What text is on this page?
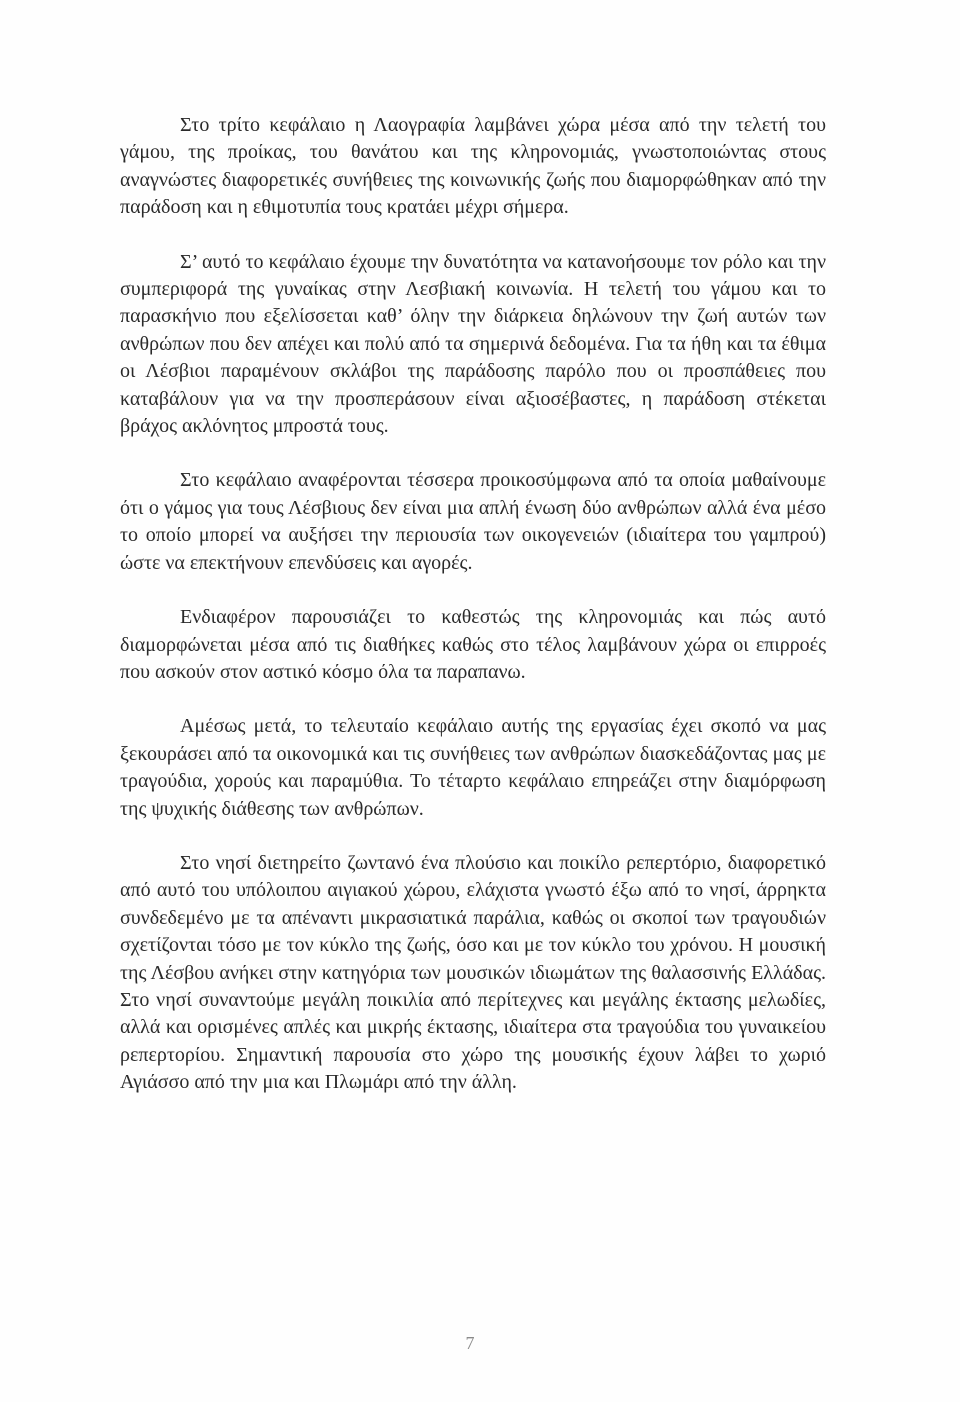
Στο τρίτο κεφάλαιο η Λαογραφία λαμβάνει χώρα μέσα από την τελετή του γάμου, της προίκας, του θανάτου και της κληρονομιάς, γνωστοποιώντας στους αναγνώστες διαφορετικές συνήθειες της κοινωνικής ζωής που διαμορφώθηκαν από την παράδοση και η εθιμοτυπία τους κρατάει μέχρι σήμερα.

Σ’ αυτό το κεφάλαιο έχουμε την δυνατότητα να κατανοήσουμε τον ρόλο και την συμπεριφορά της γυναίκας στην Λεσβιακή κοινωνία. Η τελετή του γάμου και το παρασκήνιο που εξελίσσεται καθ’ όλην την διάρκεια δηλώνουν την ζωή αυτών των ανθρώπων που δεν απέχει και πολύ από τα σημερινά δεδομένα. Για τα ήθη και τα έθιμα οι Λέσβιοι παραμένουν σκλάβοι της παράδοσης παρόλο που οι προσπάθειες που καταβάλουν για να την προσπεράσουν είναι αξιοσέβαστες, η παράδοση στέκεται βράχος ακλόνητος μπροστά τους.

Στο κεφάλαιο αναφέρονται τέσσερα προικοσύμφωνα από τα οποία μαθαίνουμε ότι ο γάμος για τους Λέσβιους δεν είναι μια απλή ένωση δύο ανθρώπων αλλά ένα μέσο το οποίο μπορεί να αυξήσει την περιουσία των οικογενειών (ιδιαίτερα του γαμπρού) ώστε να επεκτήνουν επενδύσεις και αγορές.

Ενδιαφέρον παρουσιάζει το καθεστώς της κληρονομιάς και πώς αυτό διαμορφώνεται μέσα από τις διαθήκες καθώς στο τέλος λαμβάνουν χώρα οι επιρροές που ασκούν στον αστικό κόσμο όλα τα παραπανω.

Αμέσως μετά, το τελευταίο κεφάλαιο αυτής της εργασίας έχει σκοπό να μας ξεκουράσει από τα οικονομικά και τις συνήθειες των ανθρώπων διασκεδάζοντας μας με τραγούδια, χορούς και παραμύθια. Το τέταρτο κεφάλαιο επηρεάζει στην διαμόρφωση της ψυχικής διάθεσης των ανθρώπων.

Στο νησί διετηρείτο ζωντανό ένα πλούσιο και ποικίλο ρεπερτόριο, διαφορετικό από αυτό του υπόλοιπου αιγιακού χώρου, ελάχιστα γνωστό έξω από το νησί, άρρηκτα συνδεδεμένο με τα απέναντι μικρασιατικά παράλια, καθώς οι σκοποί των τραγουδιών σχετίζονται τόσο με τον κύκλο της ζωής, όσο και με τον κύκλο του χρόνου. Η μουσική της Λέσβου ανήκει στην κατηγόρια των μουσικών ιδιωμάτων της θαλασσινής Ελλάδας. Στο νησί συναντούμε μεγάλη ποικιλία από περίτεχνες και μεγάλης έκτασης μελωδίες, αλλά και ορισμένες απλές και μικρής έκτασης, ιδιαίτερα στα τραγούδια του γυναικείου ρεπερτορίου. Σημαντική παρουσία στο χώρο της μουσικής έχουν λάβει το χωριό Αγιάσσο από την μια και Πλωμάρι από την άλλη.

7
